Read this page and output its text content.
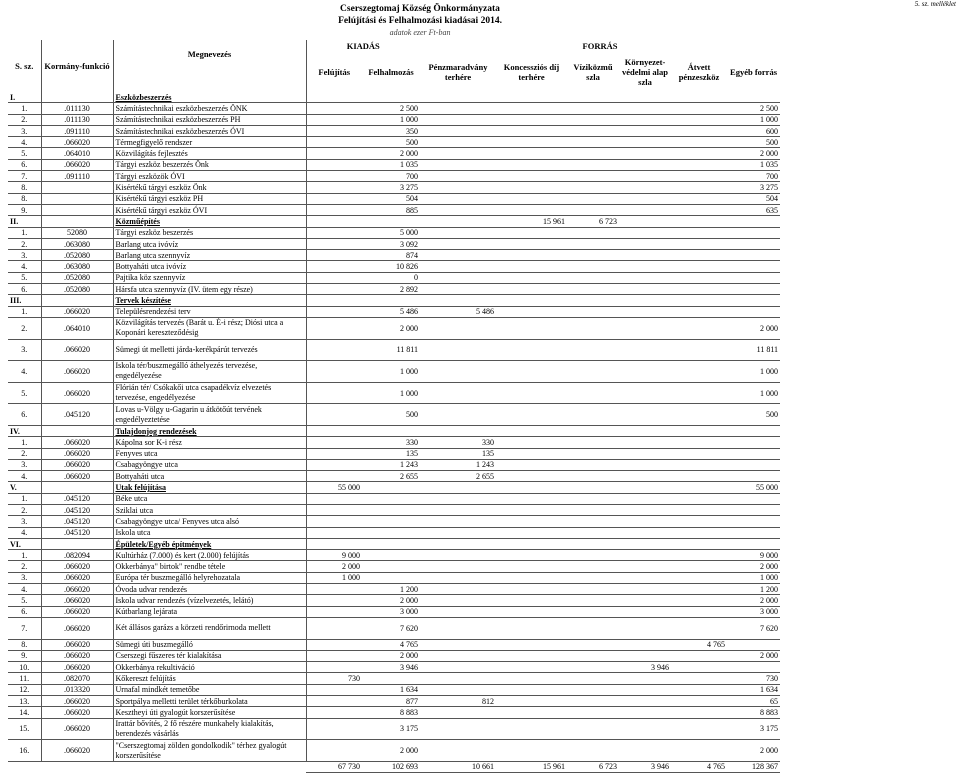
5. sz. melléklet
Cserszegtomaj Község Önkormányzata
Felújítási és Felhalmozási kiadásai 2014.
adatok ezer Ft-ban
S. sz.	Kormány-funkció	Megnevezés	KIADÁS		FORRÁS					
			Felújítás	Felhalmozás	Pénzmaradvány terhére	Koncessziós díj terhére	Víziközmű szla	Környezet-védelmi alap szla	Átvett pénzeszköz	Egyéb forrás
I.		Eszközbeszerzés								
1.	.011130	Számítástechnikai eszközbeszerzés ÖNK		2 500						2 500
2.	.011130	Számítástechnikai eszközbeszerzés PH		1 000						1 000
3.	.091110	Számítástechnikai eszközbeszerzés ÓVI		350						600
4.	.066020	Térmegfigyelő rendszer		500						500
5.	.064010	Közvilágítás fejlesztés		2 000						2 000
6.	.066020	Tárgyi eszköz beszerzés Önk		1 035						1 035
7.	.091110	Tárgyi eszközök ÓVI		700						700
8.		Kisértékű tárgyi eszköz Önk		3 275						3 275
8.		Kisértékű tárgyi eszköz PH		504						504
9.		Kisértékű tárgyi eszköz ÓVI		885						635
II.		Közműépítés				15 961	6 723			
1.	52080	Tárgyi eszköz beszerzés		5 000						
2.	.063080	Barlang utca ivóvíz		3 092						
3.	.052080	Barlang utca szennyvíz		874						
4.	.063080	Bottyaháti utca ivóvíz		10 826						
5.	.052080	Pajtika köz szennyvíz		0						
6.	.052080	Hársfa utca szennyvíz (IV. ütem egy része)		2 892						
III.		Tervek készítése								
1.	.066020	Településrendezési terv		5 486	5 486					
2.	.064010	Közvilágítás tervezés (Barát u. É-i rész; Diósi utca a Koponári kereszteződésig		2 000						2 000
3.	.066020	Sümegi út melletti járda-kerékpárút tervezés		11 811						11 811
4.	.066020	Iskola tér/buszmegálló áthelyezés tervezése, engedélyezése		1 000						1 000
5.	.066020	Flórián tér/ Csókakői utca csapadékvíz elvezetés tervezése, engedélyezése		1 000						1 000
6.	.045120	Lovas u-Völgy u-Gagarin u átkötőút tervének engedélyeztetése		500						500
IV.		Tulajdonjog rendezések								
1.	.066020	Kápolna sor K-i rész		330	330					
2.	.066020	Fenyves utca		135	135					
3.	.066020	Csabagyöngye utca		1 243	1 243					
4.	.066020	Bottyaháti utca		2 655	2 655					
V.		Utak felújítása	55 000							55 000
1.	.045120	Béke utca								
2.	.045120	Sziklai utca								
3.	.045120	Csabagyöngye utca/ Fenyves utca alsó								
4.	.045120	Iskola utca								
VI.		Épületek/Egyéb építmények								
1.	.082094	Kultúrház (7.000) és kert (2.000) felújítás	9 000							9 000
2.	.066020	Okkerbánya" birtok" rendbe tétele	2 000							2 000
3.	.066020	Európa tér buszmegálló helyrehozatala	1 000							1 000
4.	.066020	Óvoda udvar rendezés		1 200						1 200
5.	.066020	Iskola udvar rendezés (vízelvezetés, lelátó)		2 000						2 000
6.	.066020	Kútbarlang lejárata		3 000						3 000
7.	.066020	Két állásos garázs a körzeti rendőrirnoda mellett		7 620						7 620
8.	.066020	Sümegi úti buszmegálló		4 765					4 765	
9.	.066020	Cserszegi fűszeres tér kialakítása		2 000						2 000
10.	.066020	Okkerbánya rekultiváció		3 946				3 946		
11.	.082070	Kőkereszt felújítás	730							730
12.	.013320	Urnafal mindkét temetőbe		1 634						1 634
13.	.066020	Sportpálya melletti terület térkőburkolata		877	812					65
14.	.066020	Kesztheyi úti gyalogút korszerűsítése		8 883						8 883
15.	.066020	Irattár bővítés, 2 fő részére munkahely kialakítás, berendezés vásárlás		3 175						3 175
16.	.066020	"Cserszegtomaj zölden gondolkodik" térhez gyalogút korszerűsítése		2 000						2 000
			67 730	102 693	10 661	15 961	6 723	3 946	4 765	128 367
